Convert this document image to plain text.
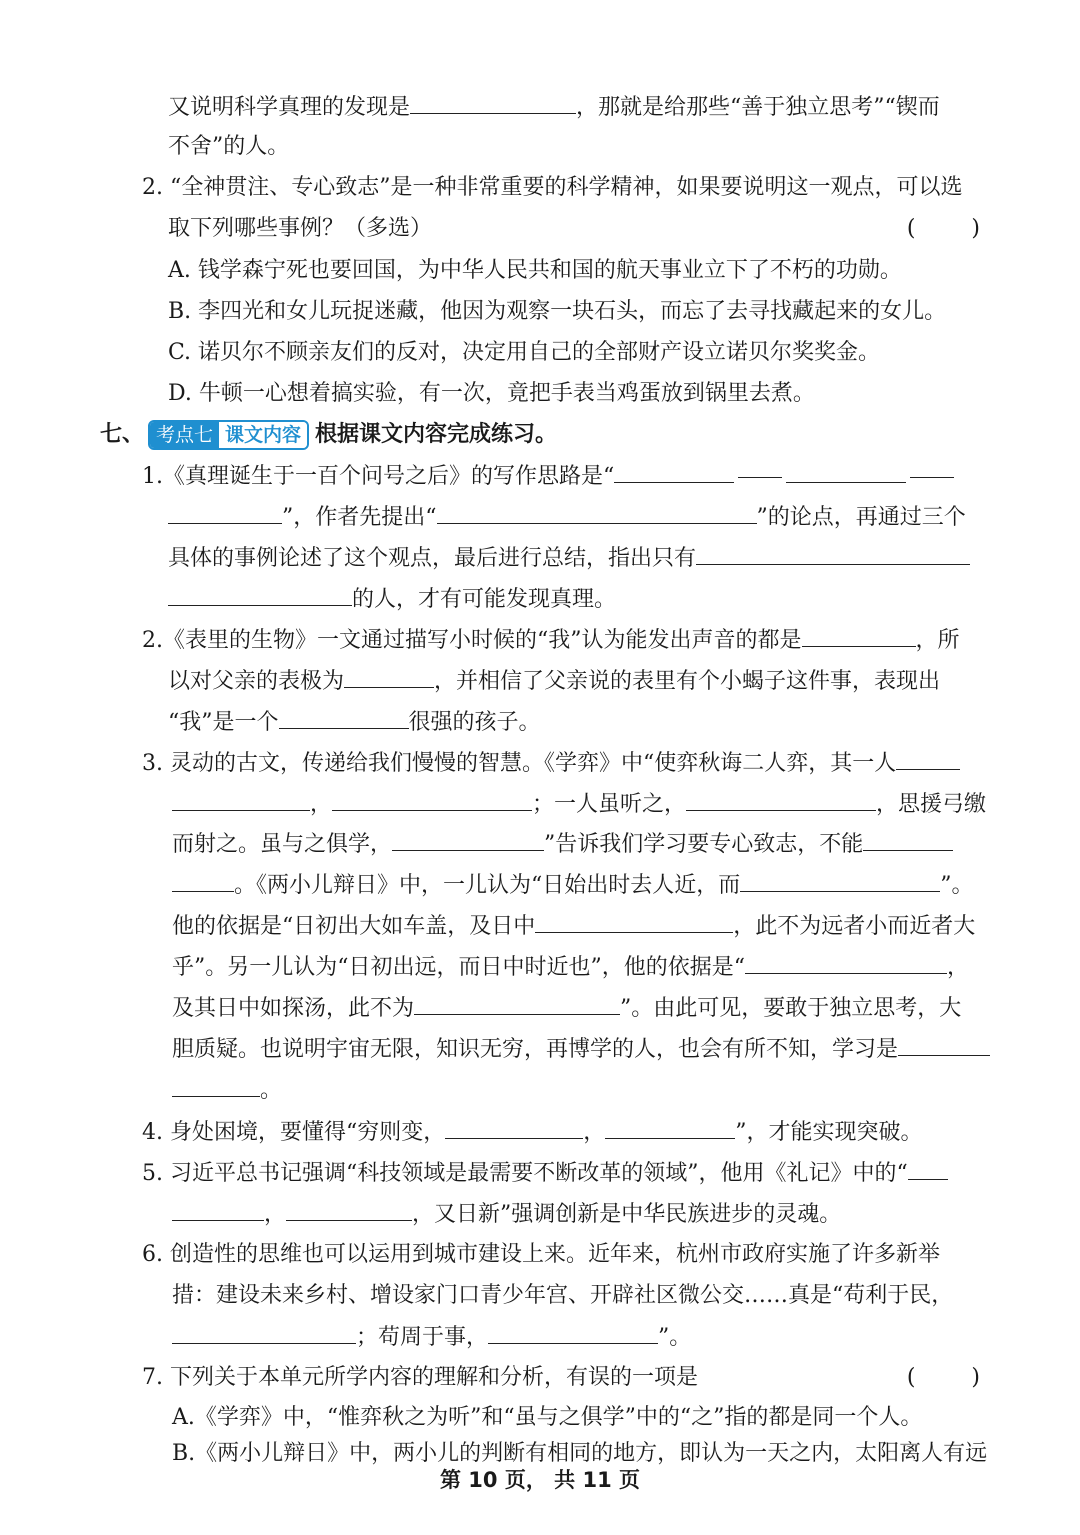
又说明科学真理的发现是	，那就是给那些“善于独立思考”“锲而
不舍”的人。
2. “全神贯注、专心致志”是一种非常重要的科学精神，如果要说明这一观点，可以选
取下列哪些事例？（多选）	(	)
A. 钱学森宁死也要回国，为中华人民共和国的航天事业立下了不朽的功勋。
B. 李四光和女儿玩捉迷藏，他因为观察一块石头，而忘了去寻找藏起来的女儿。
C. 诺贝尔不顾亲友们的反对，决定用自己的全部财产设立诺贝尔奖奖金。
D. 牛顿一心想着搞实验，有一次，竟把手表当鸡蛋放到锅里去煮。
七、 考点七 课文内容 根据课文内容完成练习。
1.《真理诞生于一百个问号之后》的写作思路是“
”，作者先提出“	”的论点，再通过三个
具体的事例论述了这个观点，最后进行总结，指出只有
的人，才有可能发现真理。
2.《表里的生物》一文通过描写小时候的“我”认为能发出声音的都是	，所
以对父亲的表极为	，并相信了父亲说的表里有个小蝎子这件事，表现出
“我”是一个	很强的孩子。
3. 灵动的古文，传递给我们慢慢的智慧。《学弈》中“使弈秋诲二人弈，其一人
，	；一人虽听之，	，思援弓缴
而射之。虽与之俱学，	”告诉我们学习要专心致志，不能
。《两小儿辩日》中，一儿认为“日始出时去人近，而	”。
他的依据是“日初出大如车盖，及日中	，此不为远者小而近者大
乎”。另一儿认为“日初出远，而日中时近也”，他的依据是“	，
及其日中如探汤，此不为	”。由此可见，要敢于独立思考，大
胆质疑。也说明宇宙无限，知识无穷，再博学的人，也会有所不知，学习是
。
4. 身处困境，要懂得“穷则变，	，	”，才能实现突破。
5. 习近平总书记强调“科技领域是最需要不断改革的领域”，他用《礼记》中的“
，	，又日新”强调创新是中华民族进步的灵魂。
6. 创造性的思维也可以运用到城市建设上来。近年来，杭州市政府实施了许多新举
措：建设未来乡村、增设家门口青少年宫、开辟社区微公交……真是“苟利于民，
；苟周于事，	”。
7. 下列关于本单元所学内容的理解和分析，有误的一项是	(	)
A.《学弈》中，“惟弈秋之为听”和“虽与之俱学”中的“之”指的都是同一个人。
B.《两小儿辩日》中，两小儿的判断有相同的地方，即认为一天之内，太阳离人有远
第 10 页， 共 11 页
